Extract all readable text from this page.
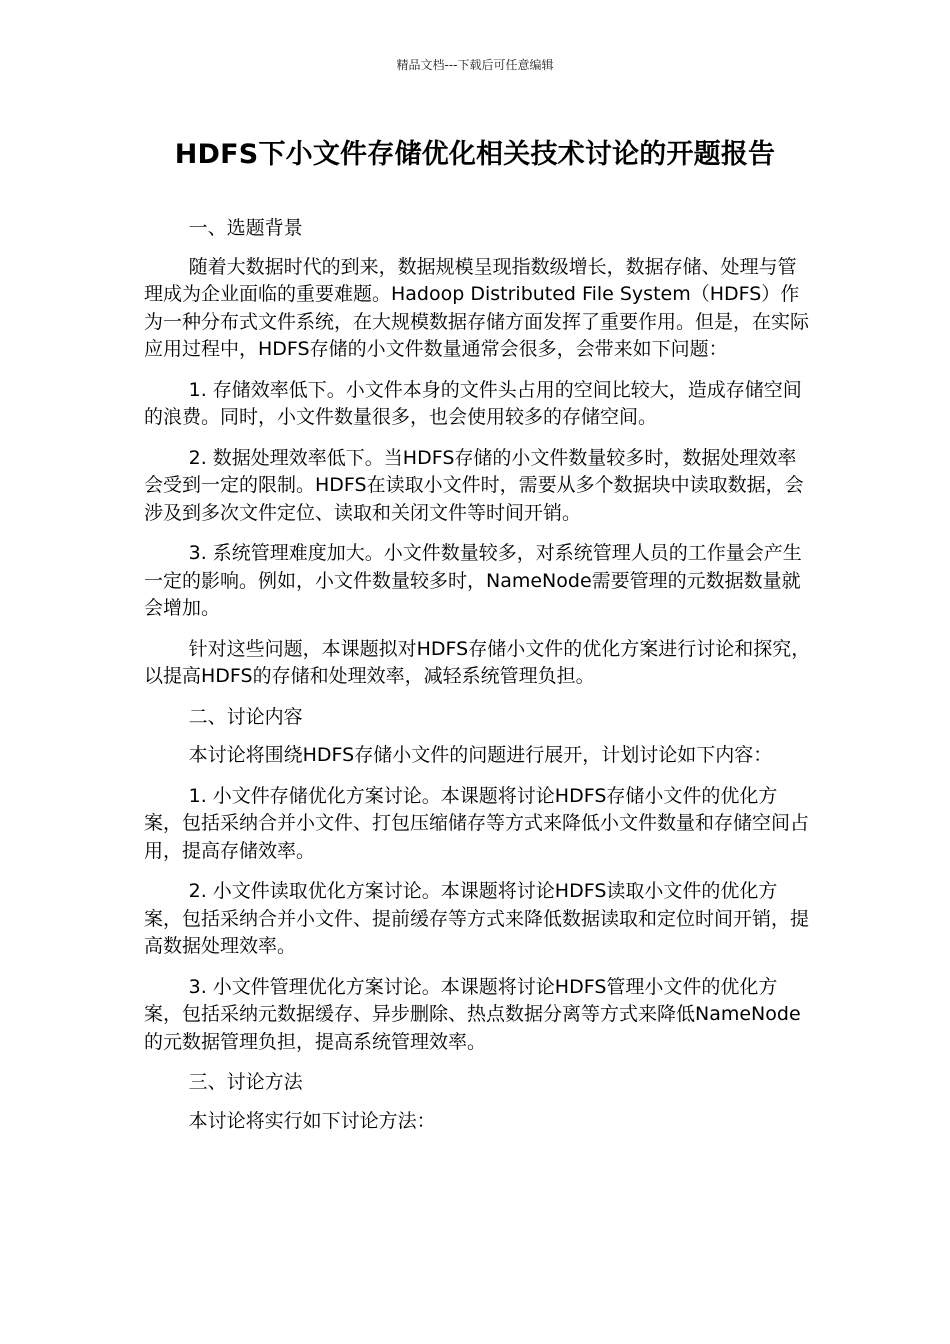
精品文档---下载后可任意编辑
HDFS下小文件存储优化相关技术讨论的开题报告

一、选题背景

随着大数据时代的到来，数据规模呈现指数级增长，数据存储、处理与管理成为企业面临的重要难题。Hadoop Distributed File System（HDFS）作为一种分布式文件系统，在大规模数据存储方面发挥了重要作用。但是，在实际应用过程中，HDFS存储的小文件数量通常会很多，会带来如下问题：

1. 存储效率低下。小文件本身的文件头占用的空间比较大，造成存储空间的浪费。同时，小文件数量很多，也会使用较多的存储空间。

2. 数据处理效率低下。当HDFS存储的小文件数量较多时，数据处理效率会受到一定的限制。HDFS在读取小文件时，需要从多个数据块中读取数据，会涉及到多次文件定位、读取和关闭文件等时间开销。

3. 系统管理难度加大。小文件数量较多，对系统管理人员的工作量会产生一定的影响。例如，小文件数量较多时，NameNode需要管理的元数据数量就会增加。

针对这些问题，本课题拟对HDFS存储小文件的优化方案进行讨论和探究，以提高HDFS的存储和处理效率，减轻系统管理负担。

二、讨论内容

本讨论将围绕HDFS存储小文件的问题进行展开，计划讨论如下内容：

1. 小文件存储优化方案讨论。本课题将讨论HDFS存储小文件的优化方案，包括采纳合并小文件、打包压缩储存等方式来降低小文件数量和存储空间占用，提高存储效率。

2. 小文件读取优化方案讨论。本课题将讨论HDFS读取小文件的优化方案，包括采纳合并小文件、提前缓存等方式来降低数据读取和定位时间开销，提高数据处理效率。

3. 小文件管理优化方案讨论。本课题将讨论HDFS管理小文件的优化方案，包括采纳元数据缓存、异步删除、热点数据分离等方式来降低NameNode的元数据管理负担，提高系统管理效率。

三、讨论方法

本讨论将实行如下讨论方法：
